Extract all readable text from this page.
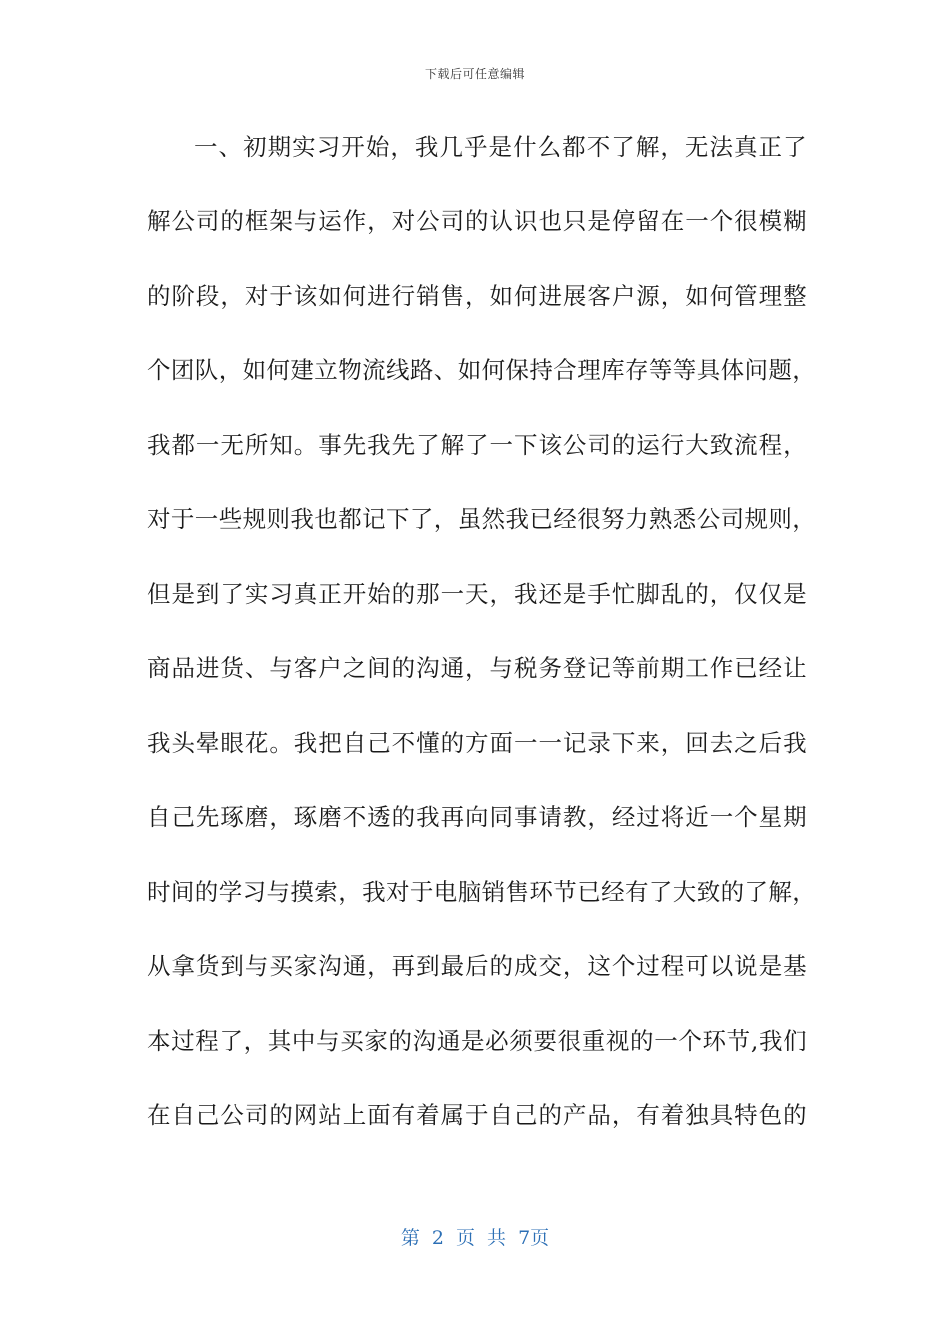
下载后可任意编辑
一、初期实习开始，我几乎是什么都不了解，无法真正了
解公司的框架与运作，对公司的认识也只是停留在一个很模糊
的阶段，对于该如何进行销售，如何进展客户源，如何管理整
个团队，如何建立物流线路、如何保持合理库存等等具体问题，
我都一无所知。事先我先了解了一下该公司的运行大致流程，
对于一些规则我也都记下了，虽然我已经很努力熟悉公司规则，
但是到了实习真正开始的那一天，我还是手忙脚乱的，仅仅是
商品进货、与客户之间的沟通，与税务登记等前期工作已经让
我头晕眼花。我把自己不懂的方面一一记录下来，回去之后我
自己先琢磨，琢磨不透的我再向同事请教，经过将近一个星期
时间的学习与摸索，我对于电脑销售环节已经有了大致的了解，
从拿货到与买家沟通，再到最后的成交，这个过程可以说是基
本过程了，其中与买家的沟通是必须要很重视的一个环节,我们
在自己公司的网站上面有着属于自己的产品，有着独具特色的
第 2 页 共 7页
